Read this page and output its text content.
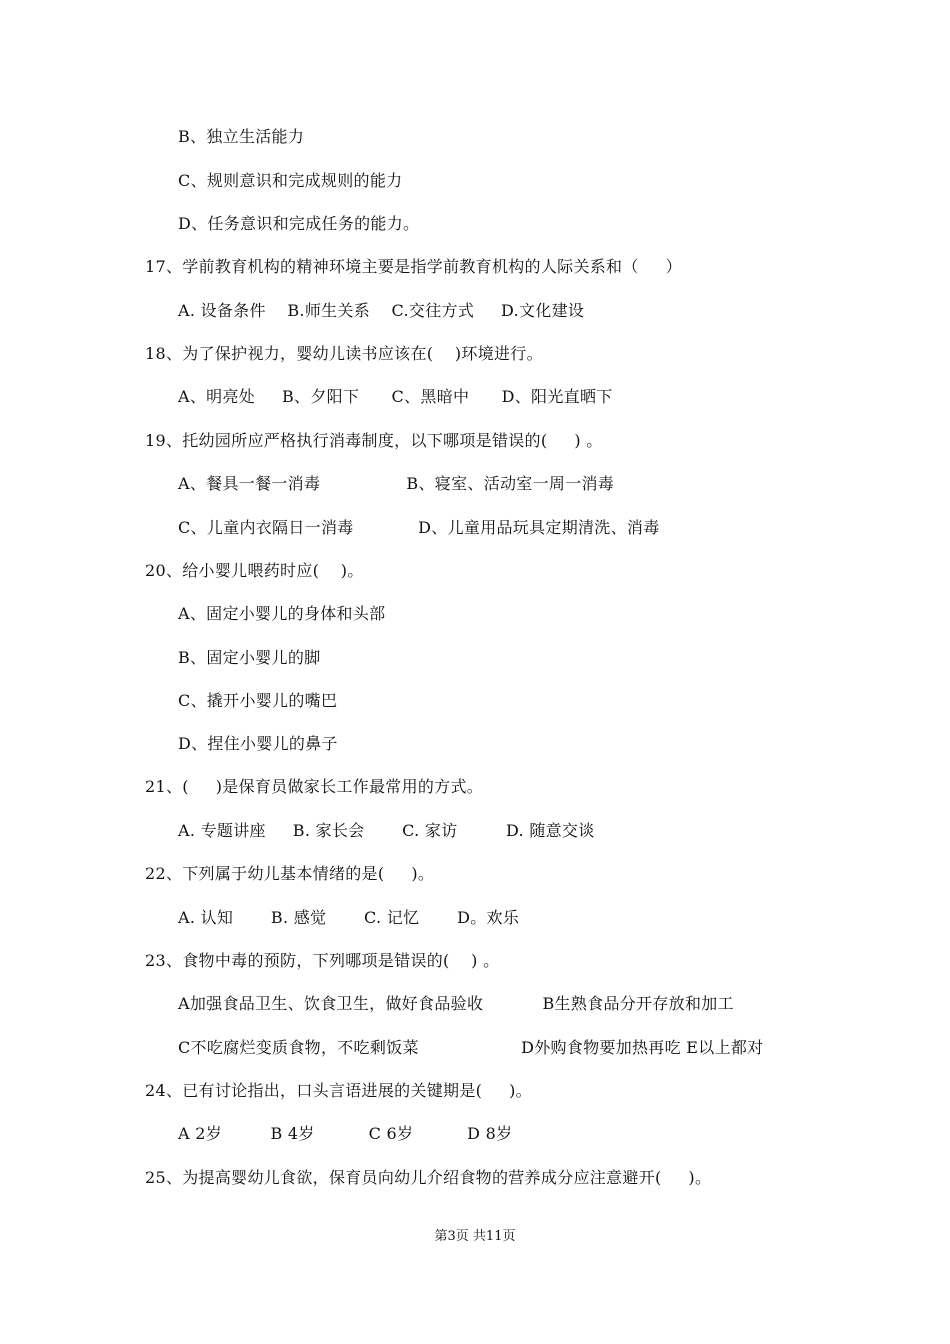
B、独立生活能力
C、规则意识和完成规则的能力
D、任务意识和完成任务的能力。
17、学前教育机构的精神环境主要是指学前教育机构的人际关系和（     ）
A. 设备条件    B.师生关系    C.交往方式     D.文化建设
18、为了保护视力，婴幼儿读书应该在(    )环境进行。
A、明亮处     B、夕阳下      C、黑暗中      D、阳光直晒下
19、托幼园所应严格执行消毒制度，以下哪项是错误的(     ) 。
A、餐具一餐一消毒                B、寝室、活动室一周一消毒
C、儿童内衣隔日一消毒            D、儿童用品玩具定期清洗、消毒
20、给小婴儿喂药时应(    )。
A、固定小婴儿的身体和头部
B、固定小婴儿的脚
C、撬开小婴儿的嘴巴
D、捏住小婴儿的鼻子
21、(     )是保育员做家长工作最常用的方式。
A. 专题讲座     B. 家长会       C. 家访         D. 随意交谈
22、下列属于幼儿基本情绪的是(     )。
A. 认知       B. 感觉       C. 记忆       D。欢乐
23、食物中毒的预防，下列哪项是错误的(    ) 。
A加强食品卫生、饮食卫生，做好食品验收           B生熟食品分开存放和加工
C不吃腐烂变质食物，不吃剩饭菜                   D外购食物要加热再吃 E以上都对
24、已有讨论指出，口头言语进展的关键期是(     )。
A 2岁         B 4岁          C 6岁          D 8岁
25、为提高婴幼儿食欲，保育员向幼儿介绍食物的营养成分应注意避开(     )。
第3页 共11页
